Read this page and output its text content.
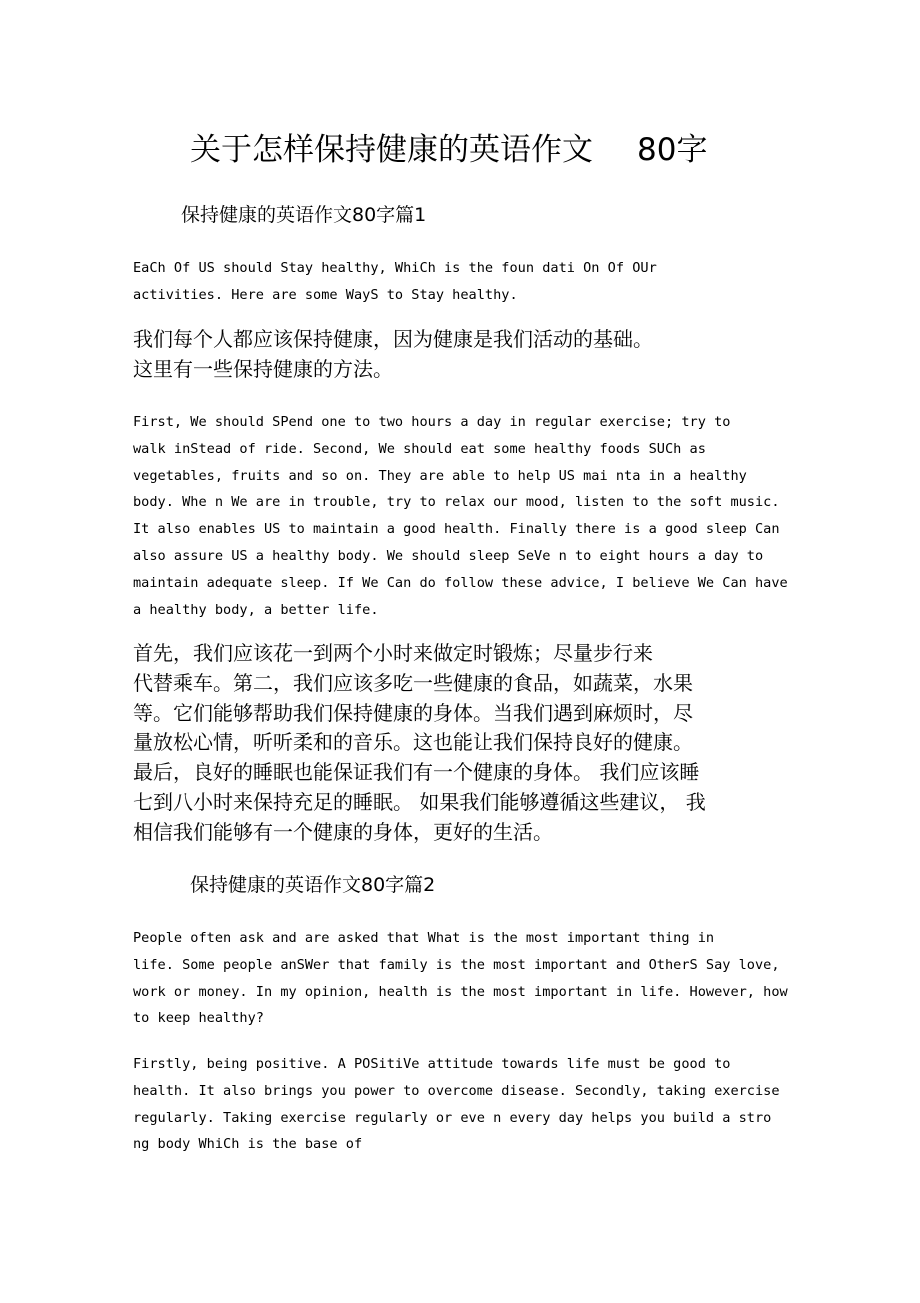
关于怎样保持健康的英语作文 80字
保持健康的英语作文80字篇1
EaCh Of US should Stay healthy, WhiCh is the foun dati On Of OUr
activities. Here are some WayS to Stay healthy.
我们每个人都应该保持健康，因为健康是我们活动的基础。
这里有一些保持健康的方法。
First, We should SPend one to two hours a day in regular exercise; try to
walk inStead of ride. Second, We should eat some healthy foods SUCh as
vegetables, fruits and so on. They are able to help US mai nta in a healthy
body. Whe n We are in trouble, try to relax our mood, listen to the soft music.
It also enables US to maintain a good health. Finally there is a good sleep Can
also assure US a healthy body. We should sleep SeVe n to eight hours a day to
maintain adequate sleep. If We Can do follow these advice, I believe We Can have
a healthy body, a better life.
首先，我们应该花一到两个小时来做定时锻炼；尽量步行来
代替乘车。第二，我们应该多吃一些健康的食品，如蔬菜，水果
等。它们能够帮助我们保持健康的身体。当我们遇到麻烦时，尽
量放松心情，听听柔和的音乐。这也能让我们保持良好的健康。
最后，良好的睡眠也能保证我们有一个健康的身体。 我们应该睡
七到八小时来保持充足的睡眠。 如果我们能够遵循这些建议， 我
相信我们能够有一个健康的身体，更好的生活。
保持健康的英语作文80字篇2
People often ask and are asked that What is the most important thing in
life. Some people anSWer that family is the most important and OtherS Say love,
work or money. In my opinion, health is the most important in life. However, how
to keep healthy?
Firstly, being positive. A POSitiVe attitude towards life must be good to
health. It also brings you power to overcome disease. Secondly, taking exercise
regularly. Taking exercise regularly or eve n every day helps you build a stro
ng body WhiCh is the base of
